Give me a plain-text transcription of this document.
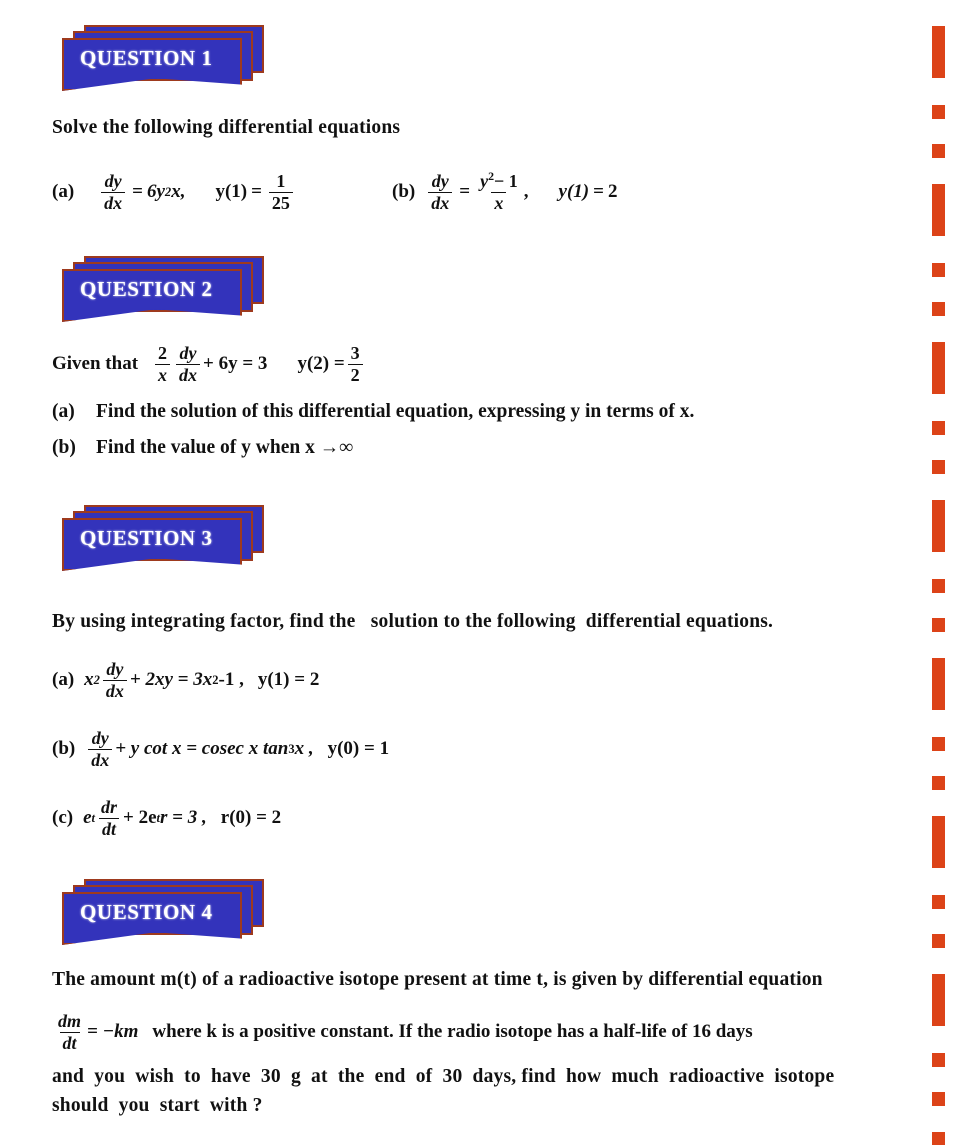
QUESTION 1
Solve the following differential equations
$(a) \frac{dy}{dx} = 6y$ 2 x, $y(1) = \frac{1}{25}$	$(b) \frac{dy}{dx} = \frac{y^2- 1}{x}$ , y(1) = 2
QUESTION 2
Given that $\frac{2}{x} \frac{dy}{dx} + 6y = 3$ $y(2) = \frac{3}{2}$
(a)	Find the solution of this differential equation, expressing y in terms of x.
(b)	Find the value of y when x →∞
QUESTION 3
By using integrating factor, find the   solution to the following  differential equations.
(a) x $2 \frac{dy}{dx} + 2xy = 3x$ 2 -1 , y(1) = 2
$(b) \frac{dy}{dx} + y$ cot x = cosec x tan 3 x , y(0) = 1
(c) e t $\frac{dr}{dt} + 2e$ t r = 3 , r(0) = 2
QUESTION 4
The amount m(t) of a radioactive isotope present at time t, is given by differential equation
$\frac{dm}{dt} = -km$ where k is a positive constant. If the radio isotope has a half-life of 16 days
and  you  wish  to  have  30  g  at  the  end  of  30  days, find  how  much  radioactive  isotope
should  you  start  with ?
